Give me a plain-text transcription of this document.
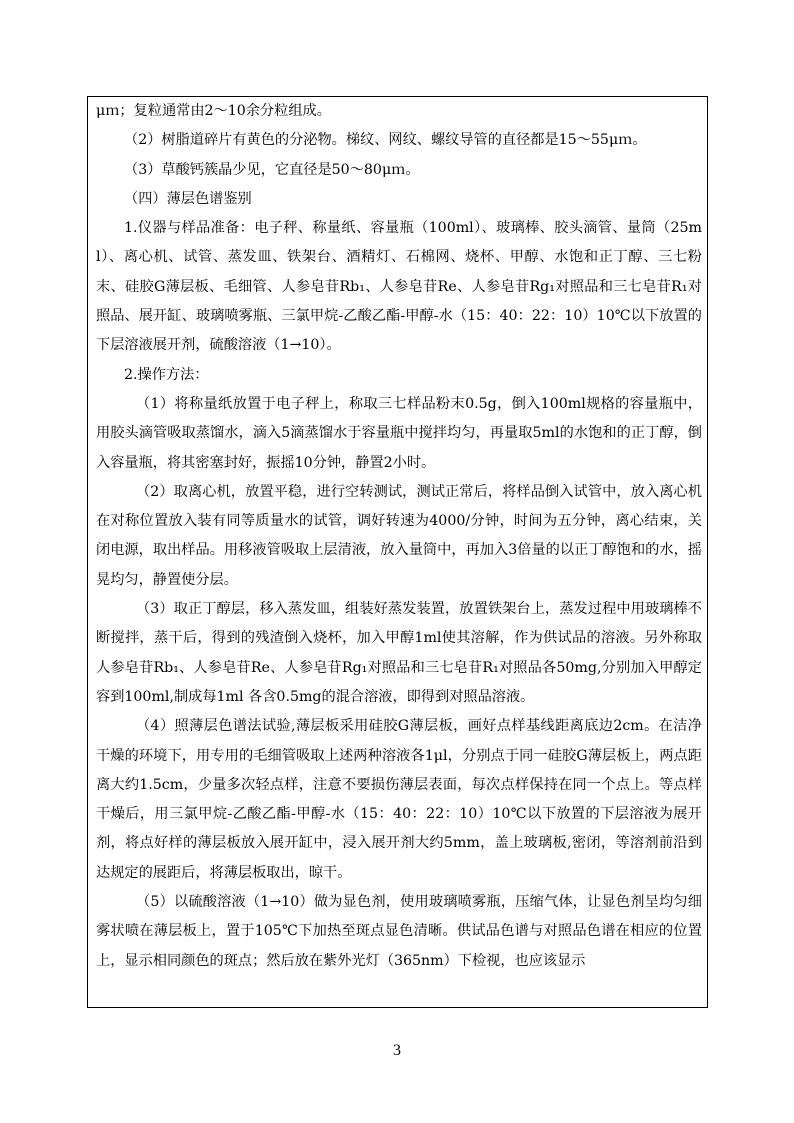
μｍ；复粒通常由2～10余分粒组成。

（2）树脂道碎片有黄色的分泌物。梯纹、网纹、螺纹导管的直径都是15～55μｍ。

（3）草酸钙簇晶少见，它直径是50～80μｍ。

（四）薄层色谱鉴别

1.仪器与样品准备：电子秤、称量纸、容量瓶（100ml）、玻璃棒、胶头滴管、量筒（25ml）、离心机、试管、蒸发皿、铁架台、酒精灯、石棉网、烧杯、甲醇、水饱和正丁醇、三七粉末、硅胶G薄层板、毛细管、人参皂苷Rb₁、人参皂苷Re、人参皂苷Rg₁对照品和三七皂苷R₁对照品、展开缸、玻璃喷雾瓶、三氯甲烷-乙酸乙酯-甲醇-水（15：40：22：10）10℃以下放置的下层溶液展开剂，硫酸溶液（1→10）。

2.操作方法：

（1）将称量纸放置于电子秤上，称取三七样品粉末0.5g，倒入100ml规格的容量瓶中，用胶头滴管吸取蒸馏水，滴入5滴蒸馏水于容量瓶中搅拌均匀，再量取5ml的水饱和的正丁醇，倒入容量瓶，将其密塞封好，振摇10分钟，静置2小时。

（2）取离心机，放置平稳，进行空转测试，测试正常后，将样品倒入试管中，放入离心机 在对称位置放入装有同等质量水的试管，调好转速为4000/分钟，时间为五分钟，离心结束，关闭电源，取出样品。用移液管吸取上层清液，放入量筒中，再加入3倍量的以正丁醇饱和的水，摇晃均匀，静置使分层。

（3）取正丁醇层，移入蒸发皿，组装好蒸发装置，放置铁架台上，蒸发过程中用玻璃棒不断搅拌，蒸干后，得到的残渣倒入烧杯，加入甲醇1ml使其溶解，作为供试品的溶液。另外称取人参皂苷Rb₁、人参皂苷Re、人参皂苷Rg₁对照品和三七皂苷R₁对照品各50mg,分别加入甲醇定容到100ml,制成每1ml 各含0.5mg的混合溶液，即得到对照品溶液。

（4）照薄层色谱法试验,薄层板采用硅胶G薄层板，画好点样基线距离底边2cm。在洁净干燥的环境下，用专用的毛细管吸取上述两种溶液各1μl，分别点于同一硅胶G薄层板上，两点距离大约1.5cm，少量多次轻点样，注意不要损伤薄层表面，每次点样保持在同一个点上。等点样干燥后，用三氯甲烷-乙酸乙酯-甲醇-水（15：40：22：10）10℃以下放置的下层溶液为展开剂，将点好样的薄层板放入展开缸中，浸入展开剂大约5mm，盖上玻璃板,密闭，等溶剂前沿到达规定的展距后，将薄层板取出，晾干。

（5）以硫酸溶液（1→10）做为显色剂，使用玻璃喷雾瓶，压缩气体，让显色剂呈均匀细雾状喷在薄层板上，置于105℃下加热至斑点显色清晰。供试品色谱与对照品色谱在相应的位置上，显示相同颜色的斑点；然后放在紫外光灯（365nm）下检视，也应该显示

3
